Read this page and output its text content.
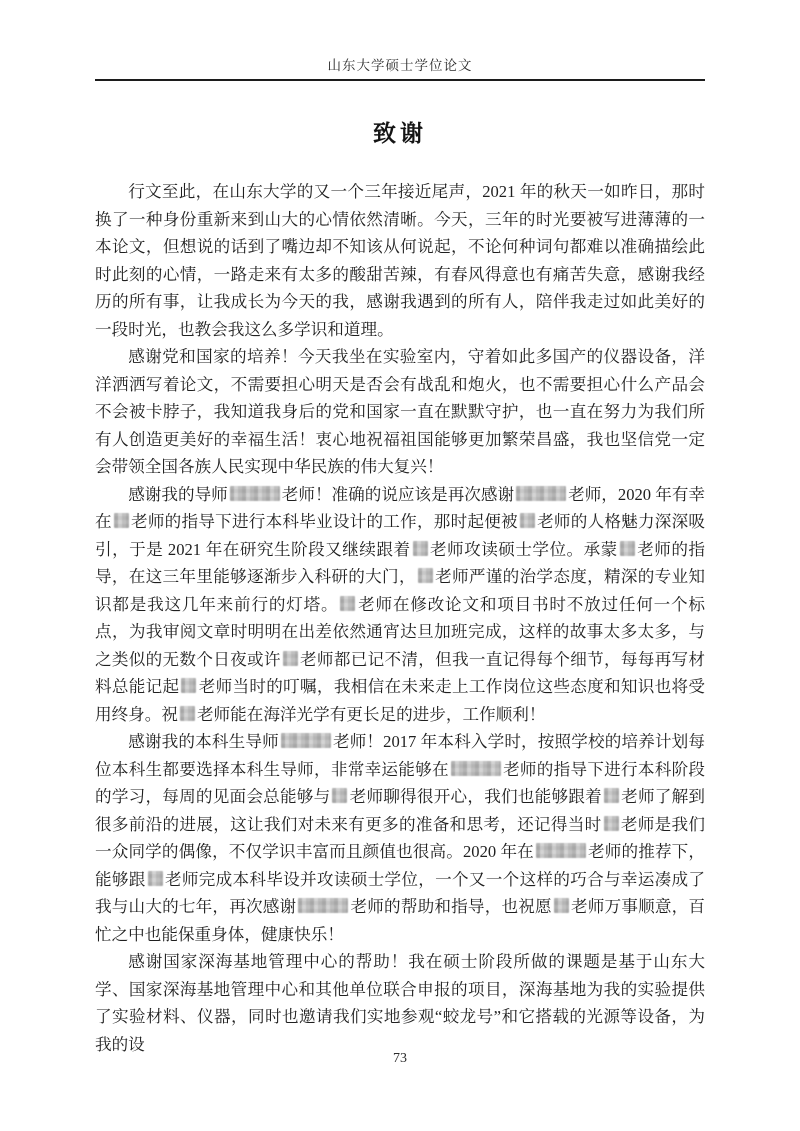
山东大学硕士学位论文
致谢

行文至此，在山东大学的又一个三年接近尾声，2021 年的秋天一如昨日，那时换了一种身份重新来到山大的心情依然清晰。今天，三年的时光要被写进薄薄的一本论文，但想说的话到了嘴边却不知该从何说起，不论何种词句都难以准确描绘此时此刻的心情，一路走来有太多的酸甜苦辣，有春风得意也有痛苦失意，感谢我经历的所有事，让我成长为今天的我，感谢我遇到的所有人，陪伴我走过如此美好的一段时光，也教会我这么多学识和道理。

感谢党和国家的培养！今天我坐在实验室内，守着如此多国产的仪器设备，洋洋洒洒写着论文，不需要担心明天是否会有战乱和炮火，也不需要担心什么产品会不会被卡脖子，我知道我身后的党和国家一直在默默守护，也一直在努力为我们所有人创造更美好的幸福生活！衷心地祝福祖国能够更加繁荣昌盛，我也坚信党一定会带领全国各族人民实现中华民族的伟大复兴！

感谢我的导师	老师！准确的说应该是再次感谢	老师，2020 年有幸在 老师的指导下进行本科毕业设计的工作，那时起便被 老师的人格魅力深深吸引，于是 2021 年在研究生阶段又继续跟着 老师攻读硕士学位。承蒙 老师的指导，在这三年里能够逐渐步入科研的大门， 老师严谨的治学态度，精深的专业知识都是我这几年来前行的灯塔。 老师在修改论文和项目书时不放过任何一个标点，为我审阅文章时明明在出差依然通宵达旦加班完成，这样的故事太多太多，与之类似的无数个日夜或许 老师都已记不清，但我一直记得每个细节，每每再写材料总能记起 老师当时的叮嘱，我相信在未来走上工作岗位这些态度和知识也将受用终身。祝 老师能在海洋光学有更长足的进步，工作顺利！

感谢我的本科生导师	老师！2017 年本科入学时，按照学校的培养计划每位本科生都要选择本科生导师，非常幸运能够在	老师的指导下进行本科阶段的学习，每周的见面会总能够与 老师聊得很开心，我们也能够跟着 老师了解到很多前沿的进展，这让我们对未来有更多的准备和思考，还记得当时 老师是我们一众同学的偶像，不仅学识丰富而且颜值也很高。2020 年在	老师的推荐下，能够跟 老师完成本科毕设并攻读硕士学位，一个又一个这样的巧合与幸运凑成了我与山大的七年，再次感谢	老师的帮助和指导，也祝愿 老师万事顺意，百忙之中也能保重身体，健康快乐！

感谢国家深海基地管理中心的帮助！我在硕士阶段所做的课题是基于山东大学、国家深海基地管理中心和其他单位联合申报的项目，深海基地为我的实验提供了实验材料、仪器，同时也邀请我们实地参观“蛟龙号”和它搭载的光源等设备，为我的设

73
